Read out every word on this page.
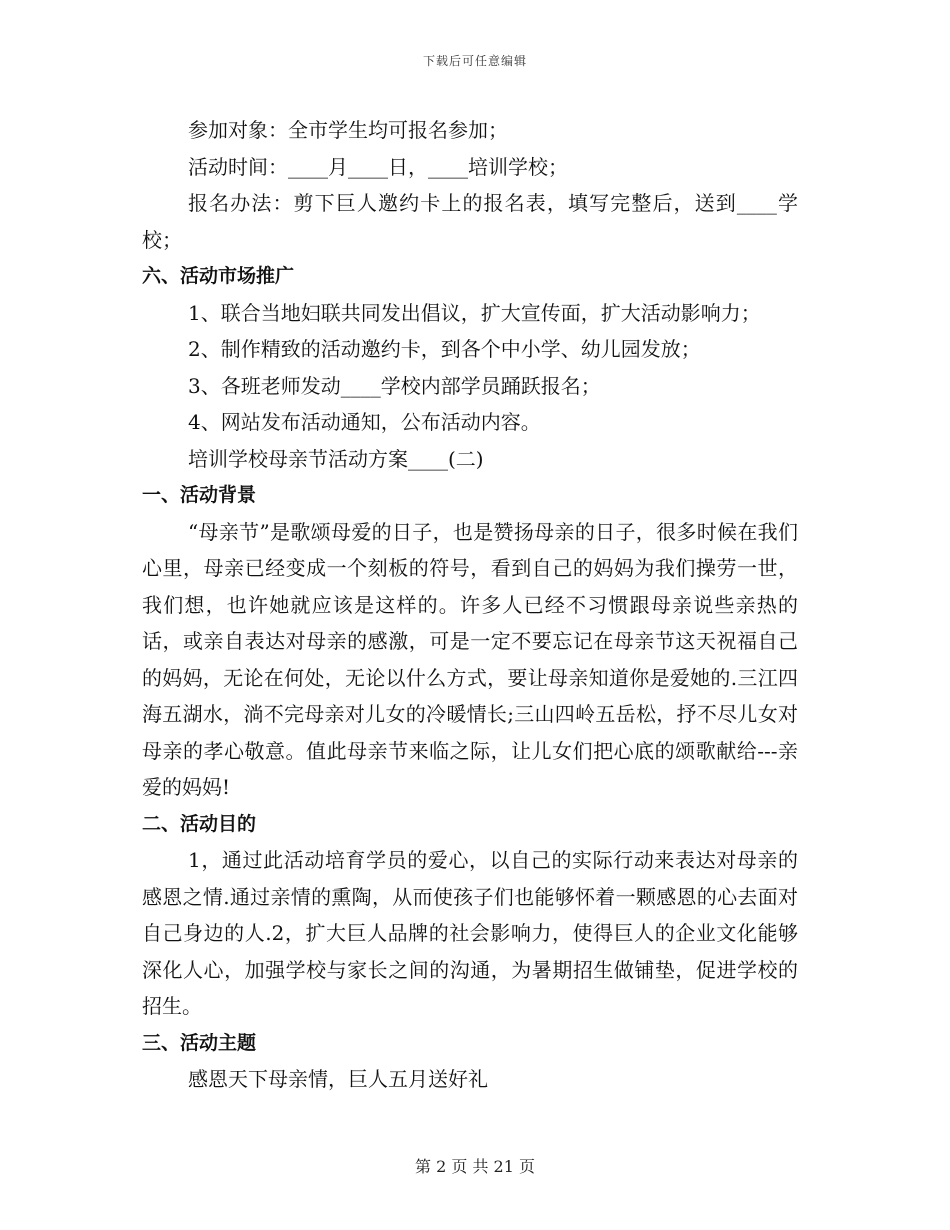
下载后可任意编辑

参加对象：全市学生均可报名参加；

活动时间：____月____日，____培训学校；

报名办法：剪下巨人邀约卡上的报名表，填写完整后，送到____学校；

六、活动市场推广

1、联合当地妇联共同发出倡议，扩大宣传面，扩大活动影响力；

2、制作精致的活动邀约卡，到各个中小学、幼儿园发放；

3、各班老师发动____学校内部学员踊跃报名；

4、网站发布活动通知，公布活动内容。

培训学校母亲节活动方案____(二)

一、活动背景

“母亲节”是歌颂母爱的日子，也是赞扬母亲的日子，很多时候在我们心里，母亲已经变成一个刻板的符号，看到自己的妈妈为我们操劳一世，我们想，也许她就应该是这样的。许多人已经不习惯跟母亲说些亲热的话，或亲自表达对母亲的感激，可是一定不要忘记在母亲节这天祝福自己的妈妈，无论在何处，无论以什么方式，要让母亲知道你是爱她的.三江四海五湖水，淌不完母亲对儿女的冷暖情长;三山四岭五岳松，抒不尽儿女对母亲的孝心敬意。值此母亲节来临之际，让儿女们把心底的颂歌献给---亲爱的妈妈!

二、活动目的

1，通过此活动培育学员的爱心，以自己的实际行动来表达对母亲的感恩之情.通过亲情的熏陶，从而使孩子们也能够怀着一颗感恩的心去面对自己身边的人.2，扩大巨人品牌的社会影响力，使得巨人的企业文化能够深化人心，加强学校与家长之间的沟通，为暑期招生做铺垫，促进学校的招生。

三、活动主题

感恩天下母亲情，巨人五月送好礼

第 2 页 共 21 页
